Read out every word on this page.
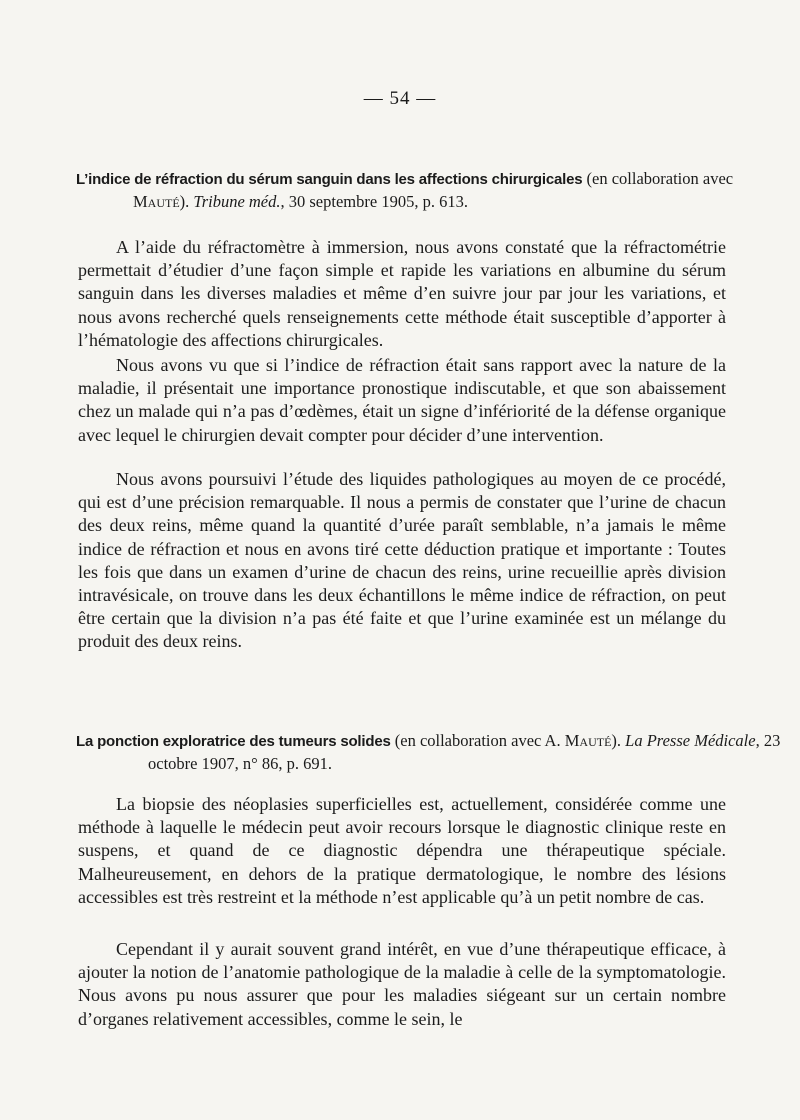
— 54 —

L’indice de réfraction du sérum sanguin dans les affections chirurgicales (en collaboration avec Mauté). Tribune méd., 30 septembre 1905, p. 613.

A l’aide du réfractomètre à immersion, nous avons constaté que la réfractométrie permettait d’étudier d’une façon simple et rapide les variations en albumine du sérum sanguin dans les diverses maladies et même d’en suivre jour par jour les variations, et nous avons recherché quels renseignements cette méthode était susceptible d’apporter à l’hématologie des affections chirurgicales.

Nous avons vu que si l’indice de réfraction était sans rapport avec la nature de la maladie, il présentait une importance pronostique indiscutable, et que son abaissement chez un malade qui n’a pas d’œdèmes, était un signe d’infériorité de la défense organique avec lequel le chirurgien devait compter pour décider d’une intervention.

Nous avons poursuivi l’étude des liquides pathologiques au moyen de ce procédé, qui est d’une précision remarquable. Il nous a permis de constater que l’urine de chacun des deux reins, même quand la quantité d’urée paraît semblable, n’a jamais le même indice de réfraction et nous en avons tiré cette déduction pratique et importante : Toutes les fois que dans un examen d’urine de chacun des reins, urine recueillie après division intravésicale, on trouve dans les deux échantillons le même indice de réfraction, on peut être certain que la division n’a pas été faite et que l’urine examinée est un mélange du produit des deux reins.

La ponction exploratrice des tumeurs solides (en collaboration avec A. Mauté). La Presse Médicale, 23 octobre 1907, n° 86, p. 691.

La biopsie des néoplasies superficielles est, actuellement, considérée comme une méthode à laquelle le médecin peut avoir recours lorsque le diagnostic clinique reste en suspens, et quand de ce diagnostic dépendra une thérapeutique spéciale. Malheureusement, en dehors de la pratique dermatologique, le nombre des lésions accessibles est très restreint et la méthode n’est applicable qu’à un petit nombre de cas.

Cependant il y aurait souvent grand intérêt, en vue d’une thérapeutique efficace, à ajouter la notion de l’anatomie pathologique de la maladie à celle de la symptomatologie. Nous avons pu nous assurer que pour les maladies siégeant sur un certain nombre d’organes relativement accessibles, comme le sein, le
